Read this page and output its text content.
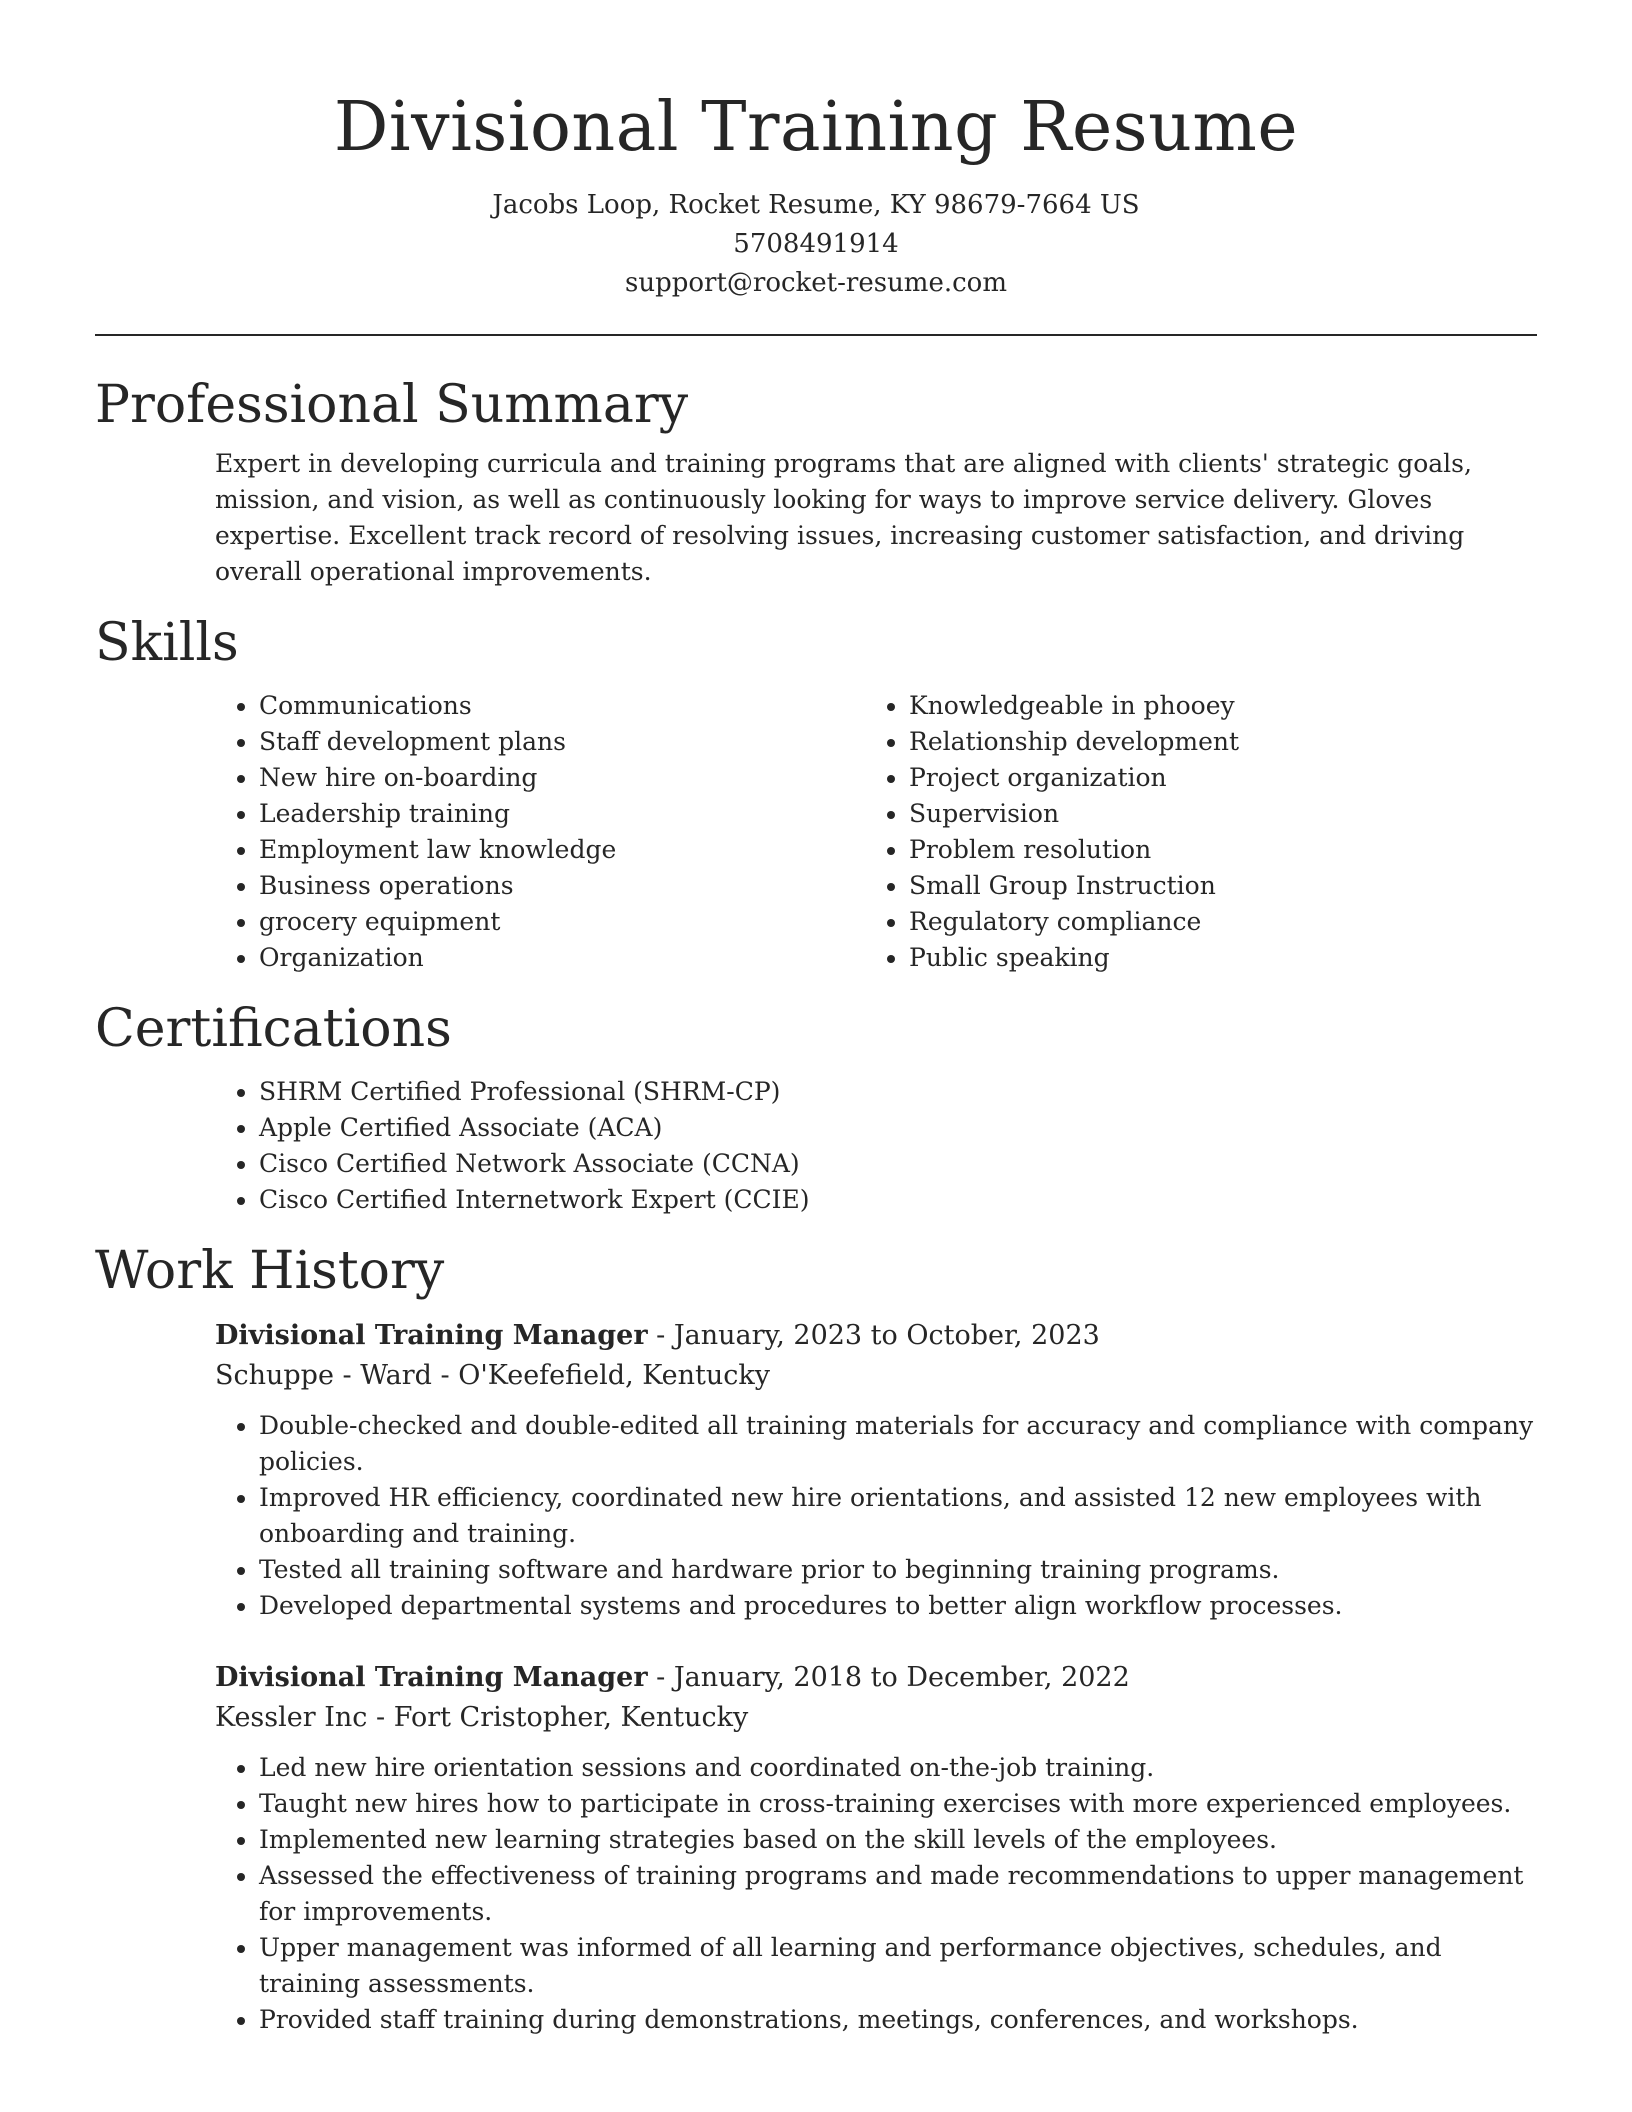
Divisional Training Resume
Jacobs Loop, Rocket Resume, KY 98679-7664 US
5708491914
support@rocket-resume.com
Professional Summary

Expert in developing curricula and training programs that are aligned with clients' strategic goals, mission, and vision, as well as continuously looking for ways to improve service delivery. Gloves expertise. Excellent track record of resolving issues, increasing customer satisfaction, and driving overall operational improvements.

Skills
• Communications
• Staff development plans
• New hire on-boarding
• Leadership training
• Employment law knowledge
• Business operations
• grocery equipment
• Organization
• Knowledgeable in phooey
• Relationship development
• Project organization
• Supervision
• Problem resolution
• Small Group Instruction
• Regulatory compliance
• Public speaking
Certifications
• SHRM Certified Professional (SHRM-CP)
• Apple Certified Associate (ACA)
• Cisco Certified Network Associate (CCNA)
• Cisco Certified Internetwork Expert (CCIE)
Work History
Divisional Training Manager - January, 2023 to October, 2023
Schuppe - Ward - O'Keefefield, Kentucky
• Double-checked and double-edited all training materials for accuracy and compliance with company policies.
• Improved HR efficiency, coordinated new hire orientations, and assisted 12 new employees with onboarding and training.
• Tested all training software and hardware prior to beginning training programs.
• Developed departmental systems and procedures to better align workflow processes.
Divisional Training Manager - January, 2018 to December, 2022
Kessler Inc - Fort Cristopher, Kentucky
• Led new hire orientation sessions and coordinated on-the-job training.
• Taught new hires how to participate in cross-training exercises with more experienced employees.
• Implemented new learning strategies based on the skill levels of the employees.
• Assessed the effectiveness of training programs and made recommendations to upper management for improvements.
• Upper management was informed of all learning and performance objectives, schedules, and training assessments.
• Provided staff training during demonstrations, meetings, conferences, and workshops.
